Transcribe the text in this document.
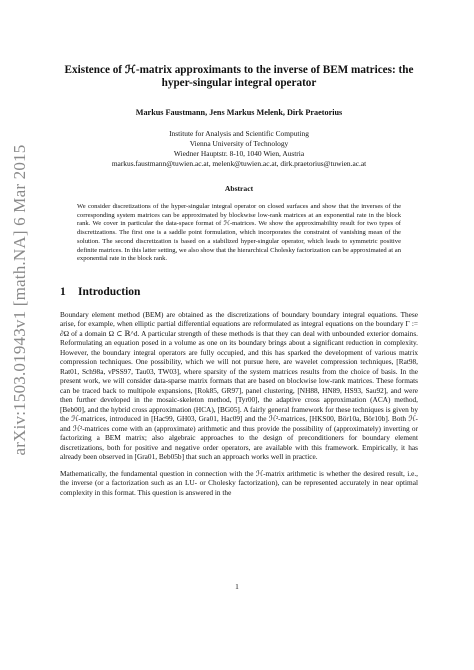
arXiv:1503.01943v1 [math.NA] 6 Mar 2015
Existence of ℋ-matrix approximants to the inverse of BEM matrices: the hyper-singular integral operator
Markus Faustmann, Jens Markus Melenk, Dirk Praetorius
Institute for Analysis and Scientific Computing
Vienna University of Technology
Wiedner Hauptstr. 8-10, 1040 Wien, Austria
markus.faustmann@tuwien.ac.at, melenk@tuwien.ac.at, dirk.praetorius@tuwien.ac.at
Abstract
We consider discretizations of the hyper-singular integral operator on closed surfaces and show that the inverses of the corresponding system matrices can be approximated by blockwise low-rank matrices at an exponential rate in the block rank. We cover in particular the data-space format of ℋ-matrices. We show the approximability result for two types of discretizations. The first one is a saddle point formulation, which incorporates the constraint of vanishing mean of the solution. The second discretization is based on a stabilized hyper-singular operator, which leads to symmetric positive definite matrices. In this latter setting, we also show that the hierarchical Cholesky factorization can be approximated at an exponential rate in the block rank.
1 Introduction

Boundary element method (BEM) are obtained as the discretizations of boundary boundary integral equations. These arise, for example, when elliptic partial differential equations are reformulated as integral equations on the boundary Γ := ∂Ω of a domain Ω ⊂ ℝ^d. A particular strength of these methods is that they can deal with unbounded exterior domains. Reformulating an equation posed in a volume as one on its boundary brings about a significant reduction in complexity. However, the boundary integral operators are fully occupied, and this has sparked the development of various matrix compression techniques. One possibility, which we will not pursue here, are wavelet compression techniques, [Rat98, Rat01, Sch98a, vPSS97, Tau03, TW03], where sparsity of the system matrices results from the choice of basis. In the present work, we will consider data-sparse matrix formats that are based on blockwise low-rank matrices. These formats can be traced back to multipole expansions, [Rok85, GR97], panel clustering, [NH88, HN89, HS93, Sau92], and were then further developed in the mosaic-skeleton method, [Tyr00], the adaptive cross approximation (ACA) method, [Beb00], and the hybrid cross approximation (HCA), [BG05]. A fairly general framework for these techniques is given by the ℋ-matrices, introduced in [Hac99, GH03, Gra01, Hac09] and the ℋ²-matrices, [HKS00, Bör10a, Bör10b]. Both ℋ- and ℋ²-matrices come with an (approximate) arithmetic and thus provide the possibility of (approximately) inverting or factorizing a BEM matrix; also algebraic approaches to the design of preconditioners for boundary element discretizations, both for positive and negative order operators, are available with this framework. Empirically, it has already been observed in [Gra01, Beb05b] that such an approach works well in practice.

Mathematically, the fundamental question in connection with the ℋ-matrix arithmetic is whether the desired result, i.e., the inverse (or a factorization such as an LU- or Cholesky factorization), can be represented accurately in near optimal complexity in this format. This question is answered in the

1
